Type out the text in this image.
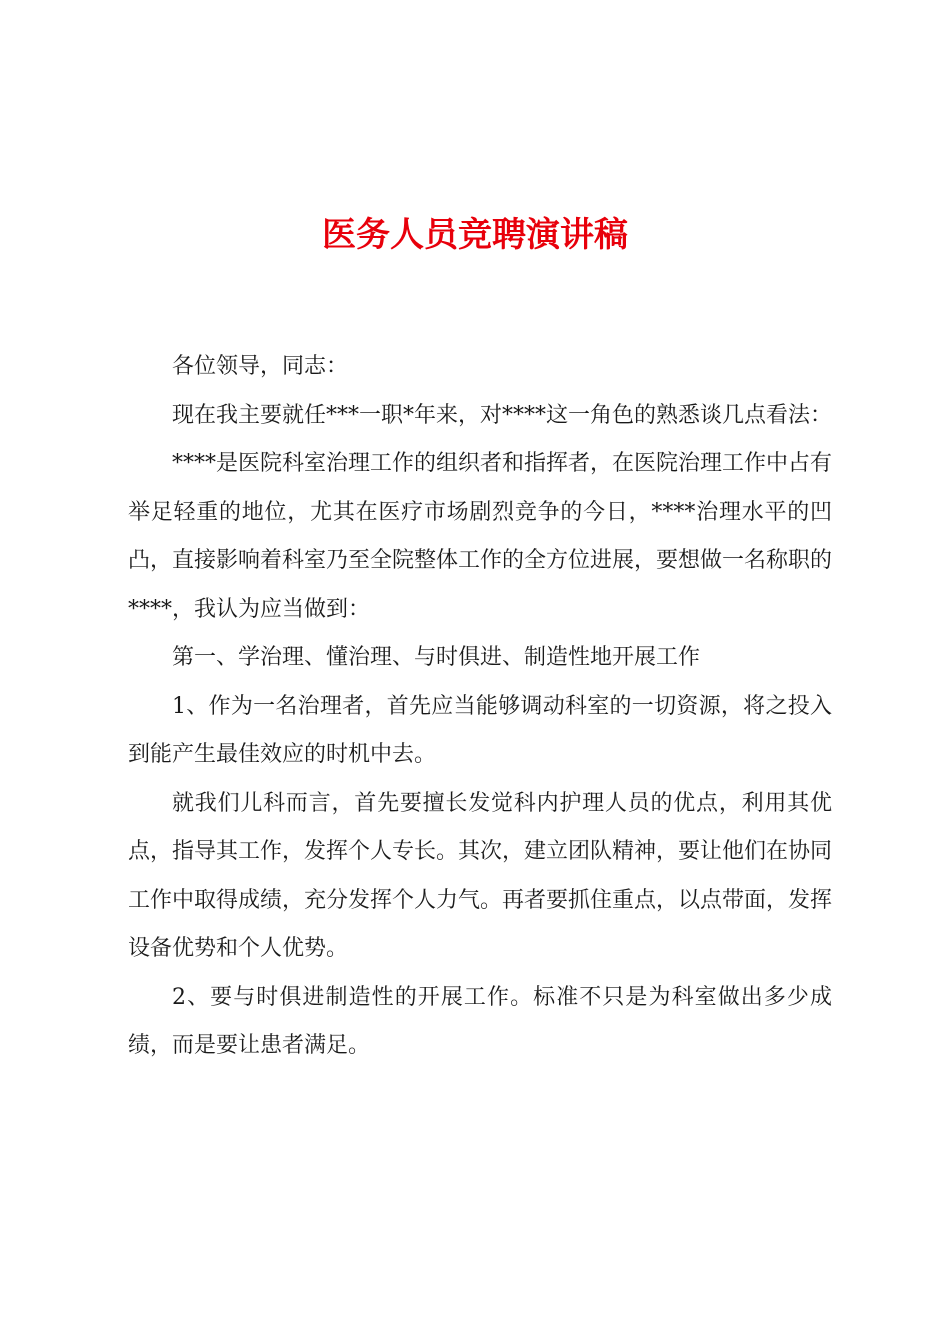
医务人员竞聘演讲稿

各位领导，同志：

现在我主要就任***一职*年来，对****这一角色的熟悉谈几点看法：

****是医院科室治理工作的组织者和指挥者，在医院治理工作中占有举足轻重的地位，尤其在医疗市场剧烈竞争的今日，****治理水平的凹凸，直接影响着科室乃至全院整体工作的全方位进展，要想做一名称职的****，我认为应当做到：

第一、学治理、懂治理、与时俱进、制造性地开展工作

1、作为一名治理者，首先应当能够调动科室的一切资源，将之投入到能产生最佳效应的时机中去。

就我们儿科而言，首先要擅长发觉科内护理人员的优点，利用其优点，指导其工作，发挥个人专长。其次，建立团队精神，要让他们在协同工作中取得成绩，充分发挥个人力气。再者要抓住重点，以点带面，发挥设备优势和个人优势。

2、要与时俱进制造性的开展工作。标准不只是为科室做出多少成绩，而是要让患者满足。
